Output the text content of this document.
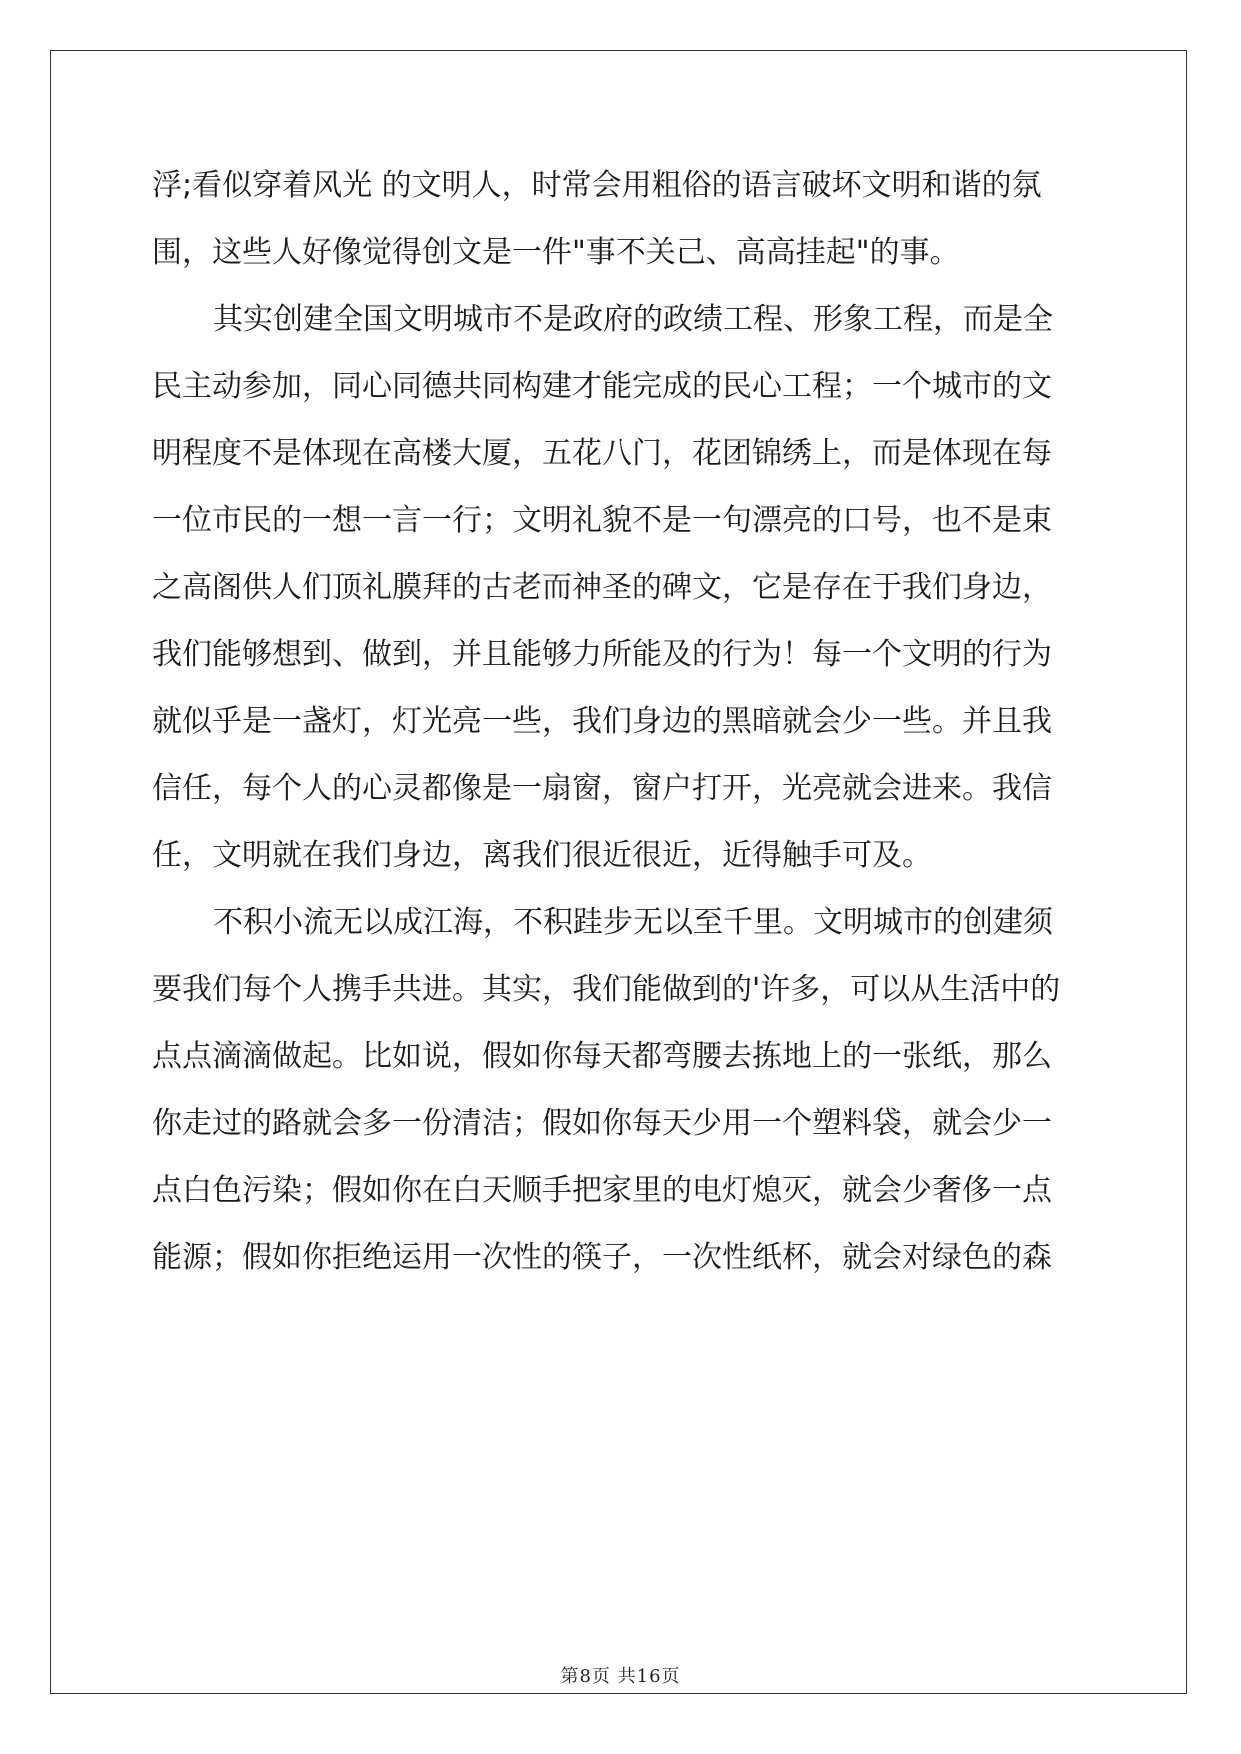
浮;看似穿着风光 的文明人，时常会用粗俗的语言破坏文明和谐的氛
围，这些人好像觉得创文是一件"事不关己、高高挂起"的事。
其实创建全国文明城市不是政府的政绩工程、形象工程，而是全
民主动参加，同心同德共同构建才能完成的民心工程；一个城市的文
明程度不是体现在高楼大厦，五花八门，花团锦绣上，而是体现在每
一位市民的一想一言一行；文明礼貌不是一句漂亮的口号，也不是束
之高阁供人们顶礼膜拜的古老而神圣的碑文，它是存在于我们身边，
我们能够想到、做到，并且能够力所能及的行为！每一个文明的行为
就似乎是一盏灯，灯光亮一些，我们身边的黑暗就会少一些。并且我
信任，每个人的心灵都像是一扇窗，窗户打开，光亮就会进来。我信
任，文明就在我们身边，离我们很近很近，近得触手可及。
不积小流无以成江海，不积跬步无以至千里。文明城市的创建须
要我们每个人携手共进。其实，我们能做到的'许多，可以从生活中的
点点滴滴做起。比如说，假如你每天都弯腰去拣地上的一张纸，那么
你走过的路就会多一份清洁；假如你每天少用一个塑料袋，就会少一
点白色污染；假如你在白天顺手把家里的电灯熄灭，就会少奢侈一点
能源；假如你拒绝运用一次性的筷子，一次性纸杯，就会对绿色的森
第8页 共16页
